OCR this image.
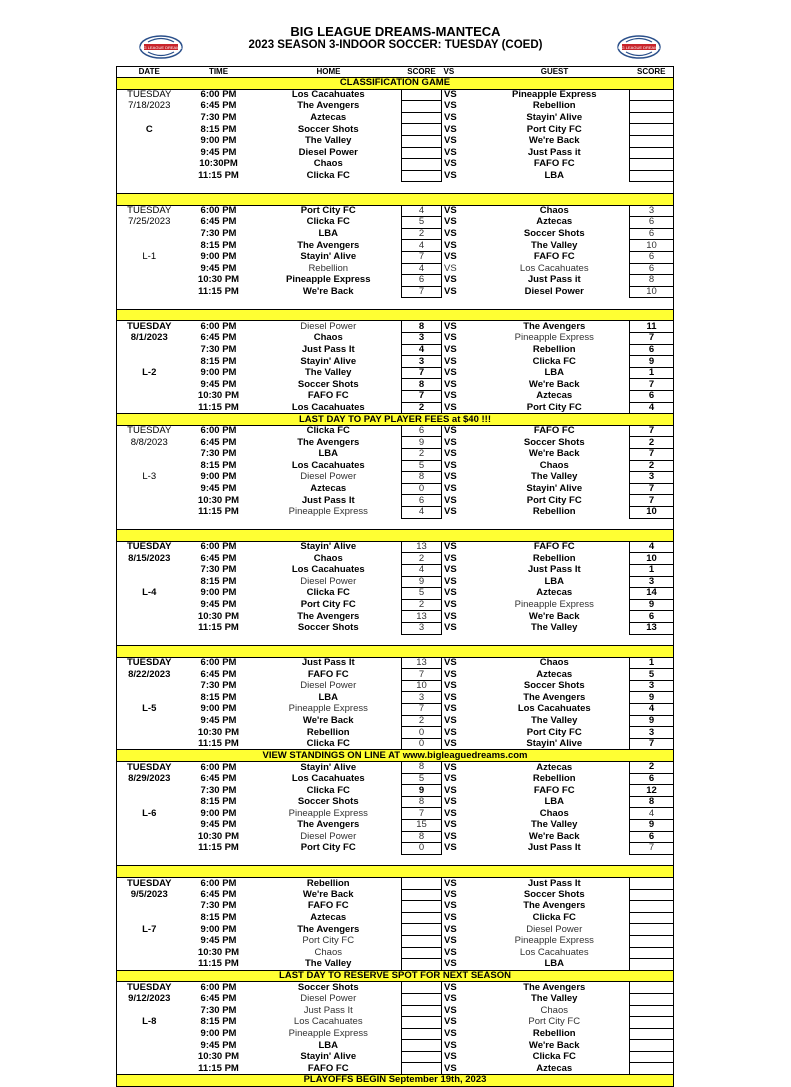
BIG LEAGUE DREAMS-MANTECA
2023 SEASON 3-INDOOR SOCCER: TUESDAY (COED)
BIG LEAGUE DREAMS	BIG LEAGUE DREAMS
DATE	TIME	HOME	SCORE	VS	GUEST	SCORE
CLASSIFICATION GAME						
TUESDAY	6:00 PM	Los Cacahuates		VS	Pineapple Express	
7/18/2023	6:45 PM	The Avengers		VS	Rebellion	
	7:30 PM	Aztecas		VS	Stayin' Alive	
C	8:15 PM	Soccer Shots		VS	Port City FC	
	9:00 PM	The Valley		VS	We're Back	
	9:45 PM	Diesel Power		VS	Just Pass it	
	10:30PM	Chaos		VS	FAFO FC	
	11:15 PM	Clicka FC		VS	LBA	

TUESDAY	6:00 PM	Port City FC	4	VS	Chaos	3
7/25/2023	6:45 PM	Clicka FC	5	VS	Aztecas	6
	7:30 PM	LBA	2	VS	Soccer Shots	6
	8:15 PM	The Avengers	4	VS	The Valley	10
L-1	9:00 PM	Stayin' Alive	7	VS	FAFO FC	6
	9:45 PM	Rebellion	4	VS	Los Cacahuates	6
	10:30 PM	Pineapple Express	6	VS	Just Pass it	8
	11:15 PM	We're Back	7	VS	Diesel Power	10

TUESDAY	6:00 PM	Diesel Power	8	VS	The Avengers	11
8/1/2023	6:45 PM	Chaos	3	VS	Pineapple Express	7
	7:30 PM	Just Pass It	4	VS	Rebellion	6
	8:15 PM	Stayin' Alive	3	VS	Clicka FC	9
L-2	9:00 PM	The Valley	7	VS	LBA	1
	9:45 PM	Soccer Shots	8	VS	We're Back	7
	10:30 PM	FAFO FC	7	VS	Aztecas	6
	11:15 PM	Los Cacahuates	2	VS	Port City FC	4
LAST DAY TO PAY PLAYER FEES at $40 !!!						
TUESDAY	6:00 PM	Clicka FC	6	VS	FAFO FC	7
8/8/2023	6:45 PM	The Avengers	9	VS	Soccer Shots	2
	7:30 PM	LBA	2	VS	We're Back	7
	8:15 PM	Los Cacahuates	5	VS	Chaos	2
L-3	9:00 PM	Diesel Power	8	VS	The Valley	3
	9:45 PM	Aztecas	0	VS	Stayin' Alive	7
	10:30 PM	Just Pass It	6	VS	Port City FC	7
	11:15 PM	Pineapple Express	4	VS	Rebellion	10

TUESDAY	6:00 PM	Stayin' Alive	13	VS	FAFO FC	4
8/15/2023	6:45 PM	Chaos	2	VS	Rebellion	10
	7:30 PM	Los Cacahuates	4	VS	Just Pass It	1
	8:15 PM	Diesel Power	9	VS	LBA	3
L-4	9:00 PM	Clicka FC	5	VS	Aztecas	14
	9:45 PM	Port City FC	2	VS	Pineapple Express	9
	10:30 PM	The Avengers	13	VS	We're Back	6
	11:15 PM	Soccer Shots	3	VS	The Valley	13

TUESDAY	6:00 PM	Just Pass It	13	VS	Chaos	1
8/22/2023	6:45 PM	FAFO FC	7	VS	Aztecas	5
	7:30 PM	Diesel Power	10	VS	Soccer Shots	3
	8:15 PM	LBA	3	VS	The Avengers	9
L-5	9:00 PM	Pineapple Express	7	VS	Los Cacahuates	4
	9:45 PM	We're Back	2	VS	The Valley	9
	10:30 PM	Rebellion	0	VS	Port City FC	3
	11:15 PM	Clicka FC	0	VS	Stayin' Alive	7
VIEW STANDINGS ON LINE AT www.bigleaguedreams.com						
TUESDAY	6:00 PM	Stayin' Alive	8	VS	Aztecas	2
8/29/2023	6:45 PM	Los Cacahuates	5	VS	Rebellion	6
	7:30 PM	Clicka FC	9	VS	FAFO FC	12
	8:15 PM	Soccer Shots	8	VS	LBA	8
L-6	9:00 PM	Pineapple Express	7	VS	Chaos	4
	9:45 PM	The Avengers	15	VS	The Valley	9
	10:30 PM	Diesel Power	8	VS	We're Back	6
	11:15 PM	Port City FC	0	VS	Just Pass It	7

TUESDAY	6:00 PM	Rebellion		VS	Just Pass It	
9/5/2023	6:45 PM	We're Back		VS	Soccer Shots	
	7:30 PM	FAFO FC		VS	The Avengers	
	8:15 PM	Aztecas		VS	Clicka FC	
L-7	9:00 PM	The Avengers		VS	Diesel Power	
	9:45 PM	Port City FC		VS	Pineapple Express	
	10:30 PM	Chaos		VS	Los Cacahuates	
	11:15 PM	The Valley		VS	LBA	
LAST DAY TO RESERVE SPOT FOR NEXT SEASON						
TUESDAY	6:00 PM	Soccer Shots		VS	The Avengers	
9/12/2023	6:45 PM	Diesel Power		VS	The Valley	
	7:30 PM	Just Pass It		VS	Chaos	
L-8	8:15 PM	Los Cacahuates		VS	Port City FC	
	9:00 PM	Pineapple Express		VS	Rebellion	
	9:45 PM	LBA		VS	We're Back	
	10:30 PM	Stayin' Alive		VS	Clicka FC	
	11:15 PM	FAFO FC		VS	Aztecas	
PLAYOFFS BEGIN September 19th, 2023						
